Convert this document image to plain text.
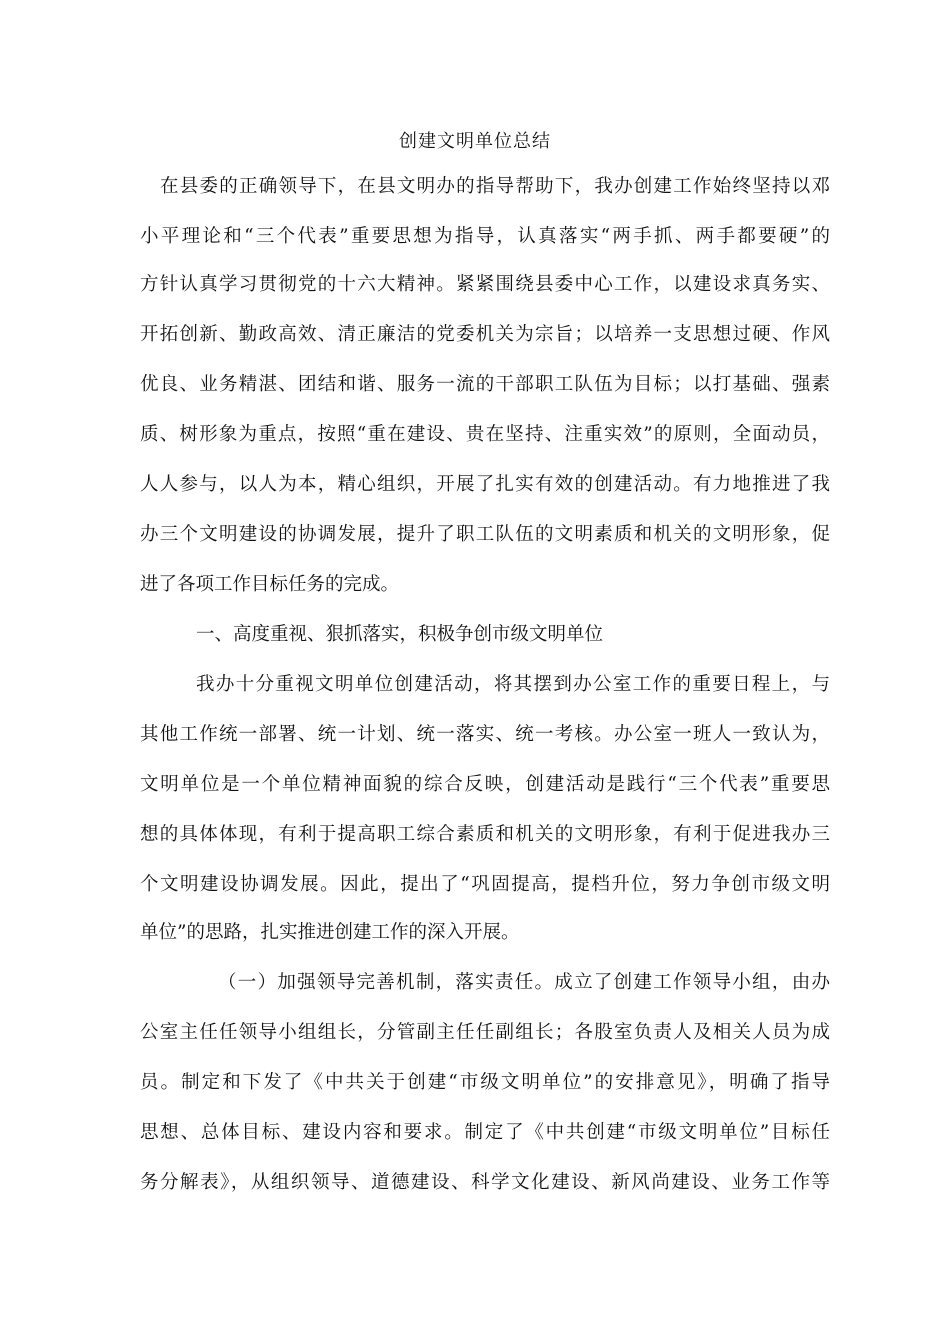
创建文明单位总结
在县委的正确领导下，在县文明办的指导帮助下，我办创建工作始终坚持以邓
小平理论和“三个代表”重要思想为指导，认真落实“两手抓、两手都要硬”的
方针认真学习贯彻党的十六大精神。紧紧围绕县委中心工作，以建设求真务实、
开拓创新、勤政高效、清正廉洁的党委机关为宗旨；以培养一支思想过硬、作风
优良、业务精湛、团结和谐、服务一流的干部职工队伍为目标；以打基础、强素
质、树形象为重点，按照“重在建设、贵在坚持、注重实效”的原则，全面动员，
人人参与，以人为本，精心组织，开展了扎实有效的创建活动。有力地推进了我
办三个文明建设的协调发展，提升了职工队伍的文明素质和机关的文明形象，促
进了各项工作目标任务的完成。
一、高度重视、狠抓落实，积极争创市级文明单位
我办十分重视文明单位创建活动，将其摆到办公室工作的重要日程上，与
其他工作统一部署、统一计划、统一落实、统一考核。办公室一班人一致认为，
文明单位是一个单位精神面貌的综合反映，创建活动是践行“三个代表”重要思
想的具体体现，有利于提高职工综合素质和机关的文明形象，有利于促进我办三
个文明建设协调发展。因此，提出了“巩固提高，提档升位，努力争创市级文明
单位”的思路，扎实推进创建工作的深入开展。
（一）加强领导完善机制，落实责任。成立了创建工作领导小组，由办
公室主任任领导小组组长，分管副主任任副组长；各股室负责人及相关人员为成
员。制定和下发了《中共关于创建“市级文明单位”的安排意见》，明确了指导
思想、总体目标、建设内容和要求。制定了《中共创建“市级文明单位”目标任
务分解表》，从组织领导、道德建设、科学文化建设、新风尚建设、业务工作等
